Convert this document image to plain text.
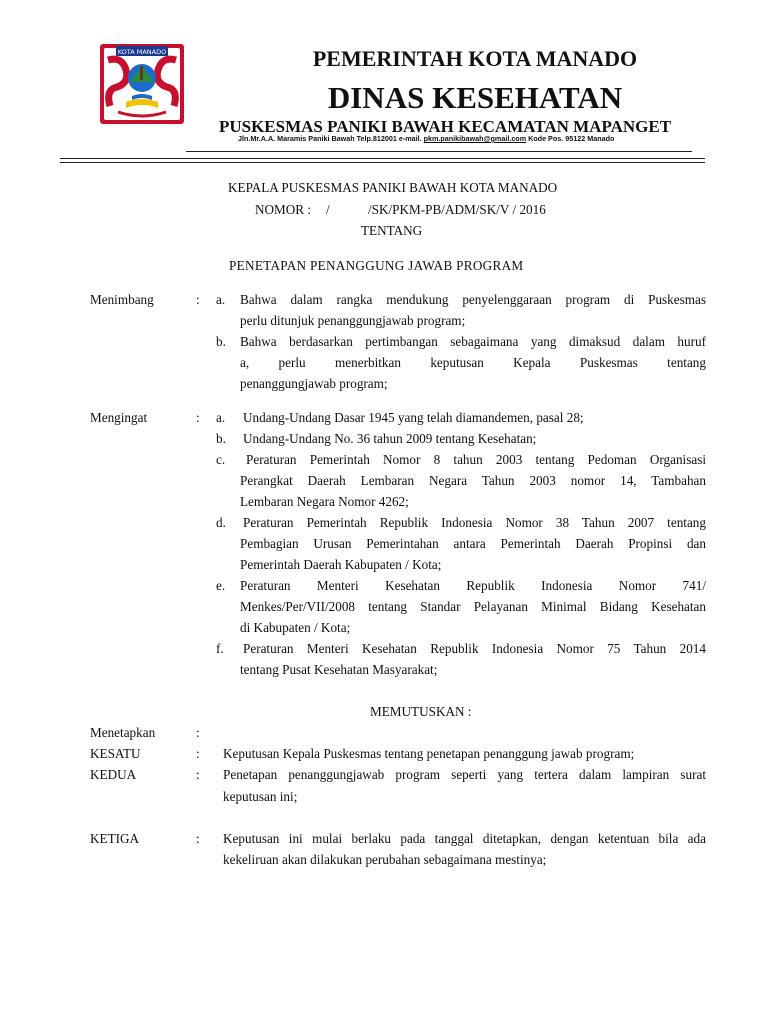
KOTA MANADO	PEMERINTAH KOTA MANADO
DINAS KESEHATAN
PUSKESMAS PANIKI BAWAH KECAMATAN MAPANGET
Jln.Mr.A.A. Maramis Paniki Bawah Telp.812001 e-mail. pkm.panikibawah@gmail.com Kode Pos. 95122 Manado
KEPALA PUSKESMAS PANIKI BAWAH KOTA MANADO
NOMOR : /	/SK/PKM-PB/ADM/SK/V / 2016
TENTANG
PENETAPAN PENANGGUNG JAWAB PROGRAM
Menimbang	: a. Bahwa dalam rangka mendukung penyelenggaraan program di Puskesmas
perlu ditunjuk penanggungjawab program;
b. Bahwa berdasarkan pertimbangan sebagaimana yang dimaksud dalam huruf
a, perlu menerbitkan keputusan Kepala Puskesmas tentang
penanggungjawab program;
Mengingat	: a. Undang-Undang Dasar 1945 yang telah diamandemen, pasal 28;
b. Undang-Undang No. 36 tahun 2009 tentang Kesehatan;
c. Peraturan Pemerintah Nomor 8 tahun 2003 tentang Pedoman Organisasi
Perangkat Daerah Lembaran Negara Tahun 2003 nomor 14, Tambahan
Lembaran Negara Nomor 4262;
d. Peraturan Pemerintah Republik Indonesia Nomor 38 Tahun 2007 tentang
Pembagian Urusan Pemerintahan antara Pemerintah Daerah Propinsi dan
Pemerintah Daerah Kabupaten / Kota;
e. Peraturan Menteri Kesehatan Republik Indonesia Nomor 741/
Menkes/Per/VII/2008 tentang Standar Pelayanan Minimal Bidang Kesehatan
di Kabupaten / Kota;
f. Peraturan Menteri Kesehatan Republik Indonesia Nomor 75 Tahun 2014
tentang Pusat Kesehatan Masyarakat;
MEMUTUSKAN :
Menetapkan	:
KESATU	: Keputusan Kepala Puskesmas tentang penetapan penanggung jawab program;
KEDUA	: Penetapan penanggungjawab program seperti yang tertera dalam lampiran surat
keputusan ini;
KETIGA	: Keputusan ini mulai berlaku pada tanggal ditetapkan, dengan ketentuan bila ada
kekeliruan akan dilakukan perubahan sebagaimana mestinya;
